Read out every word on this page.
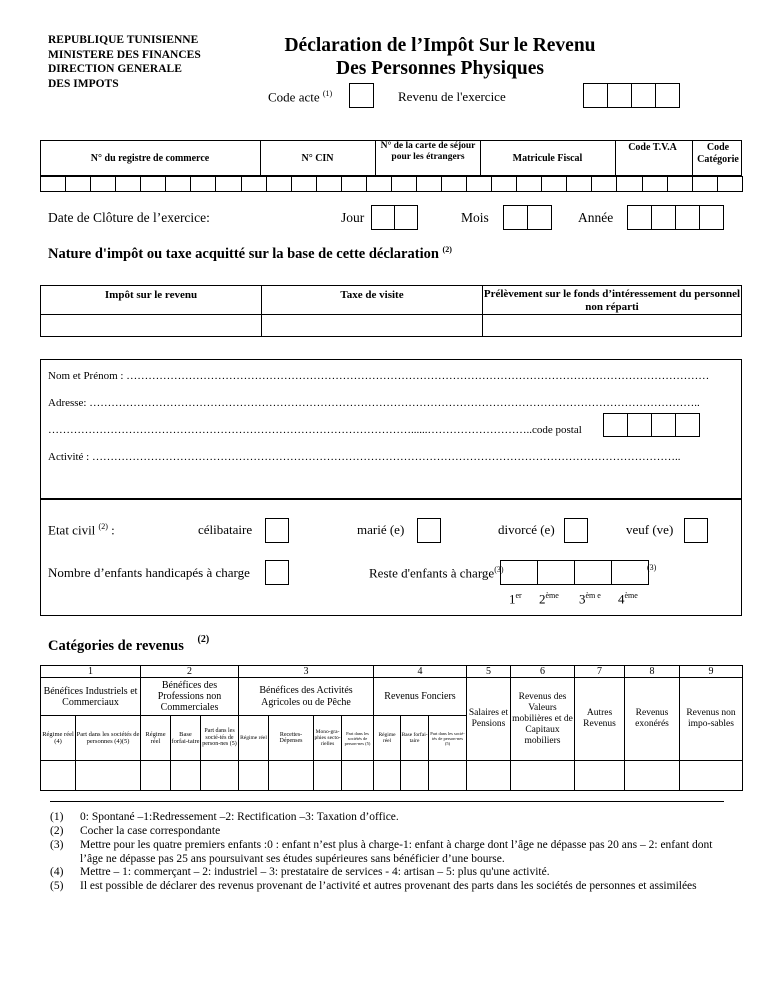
REPUBLIQUE TUNISIENNE
MINISTERE DES FINANCES
DIRECTION GENERALE
DES IMPOTS
Déclaration de l’Impôt Sur le Revenu
Des Personnes Physiques
Code acte $^{(1)}$	Revenu de l'exercice
N° du registre de commerce	N° CIN
N° de la carte de séjour pour les étrangers	Matricule Fiscal
Code T.V.A	Code Catégorie
Date de Clôture de l’exercice:	Jour	Mois	Année
Nature d'impôt ou taxe acquitté sur la base de cette déclaration $^{(2)}$
Impôt sur le revenu	Taxe de visite	Prélèvement sur le fonds d’intéressement du personnel non réparti

Nom et Prénom : ……………………………………………………………………………………………………………………………………………
Adresse: …………………………………………………………………………………………………………………………………………………..
………………………………………………………………………………………......………………………..code postal
Activité : ……………………………………………………………………………………………………………………………………………..
Etat civil $^{(2)}$ :	célibataire	marié (e)	divorcé (e)	veuf (ve)
Nombre d’enfants handicapés à charge	Reste d'enfants à charge$^{(3)}$	(3)
1er 2ème $3^{èm e}$ 4ème
Catégories de revenus $^{(2)}$
1		2			3				4			5	6	7	8	9
Bénéfices Industriels et Commerciaux		Bénéfices des Professions non Commerciales			Bénéfices des Activités Agricoles ou de Pêche				Revenus Fonciers			Salaires et Pensions	Revenus des Valeurs mobilières et de Capitaux mobiliers	Autres Revenus	Revenus exonérés	Revenus non impo-sables
Régime réel (4)	Part dans les sociétés de personnes (4)(5)	Régime réel	Base forfai-taire	Part dans les socié-tés de person-nes (5)	Régime réel	Recettes-Dépenses	Mono-gra-phies secto-rielles	Part dans les sociétés de person-nes (5)	Régime réel	Base forfai-taire	Part dans les socié-tés de person-nes (5)					

(1)	0: Spontané –1:Redressement –2: Rectification –3: Taxation d’office.
(2)	Cocher la case correspondante
(3)	Mettre pour les quatre premiers enfants :0 : enfant n’est plus à charge-1: enfant à charge dont l’âge ne dépasse pas 20 ans – 2: enfant dont l’âge ne dépasse pas 25 ans poursuivant ses études supérieures sans bénéficier d’une bourse.
(4)	Mettre – 1: commerçant – 2: industriel – 3: prestataire de services - 4: artisan – 5: plus qu'une activité.
(5)	Il est possible de déclarer des revenus provenant de l’activité et autres provenant des parts dans les sociétés de personnes et assimilées
